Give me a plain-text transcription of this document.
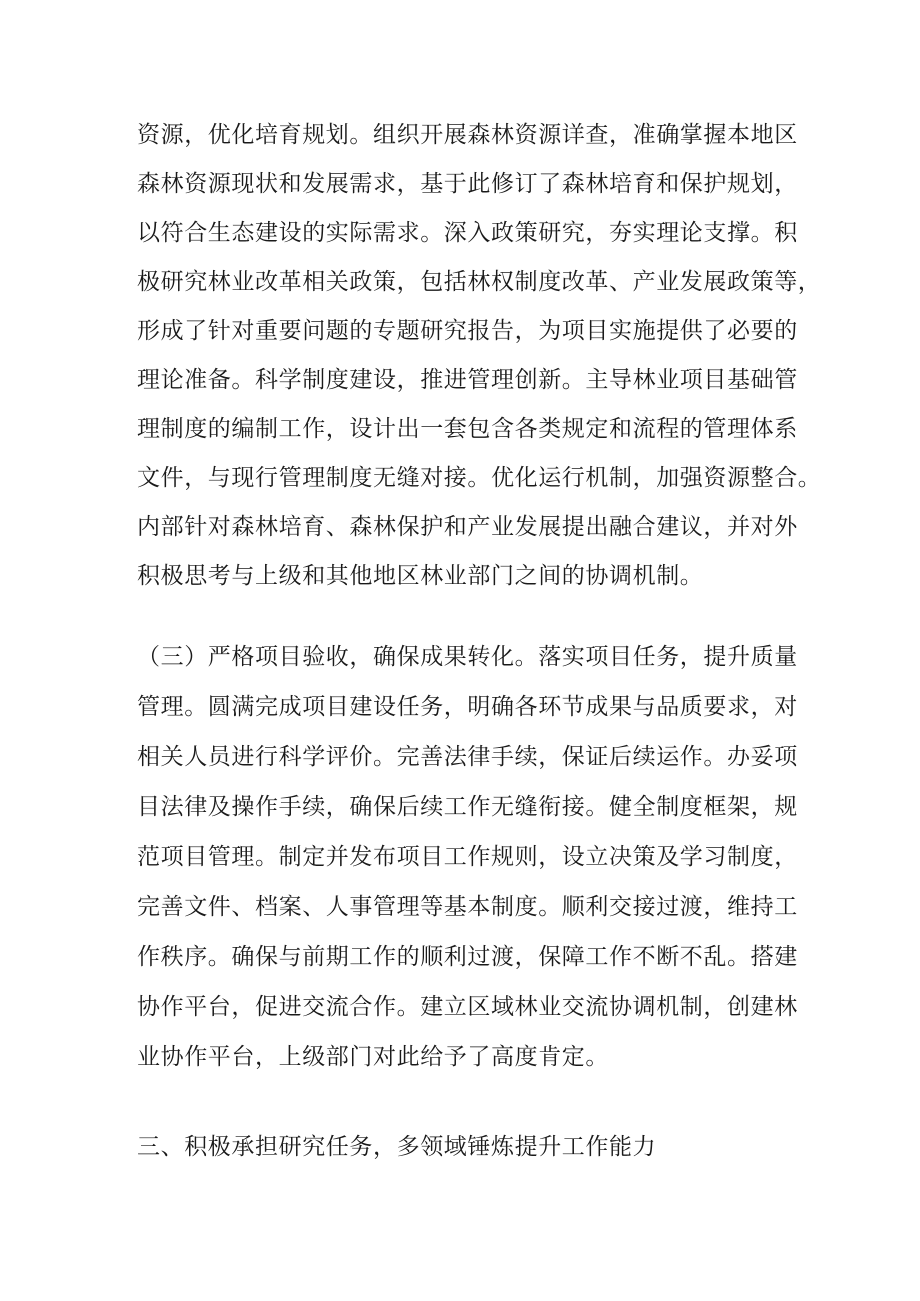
资源，优化培育规划。组织开展森林资源详查，准确掌握本地区
森林资源现状和发展需求，基于此修订了森林培育和保护规划，
以符合生态建设的实际需求。深入政策研究，夯实理论支撑。积
极研究林业改革相关政策，包括林权制度改革、产业发展政策等，
形成了针对重要问题的专题研究报告，为项目实施提供了必要的
理论准备。科学制度建设，推进管理创新。主导林业项目基础管
理制度的编制工作，设计出一套包含各类规定和流程的管理体系
文件，与现行管理制度无缝对接。优化运行机制，加强资源整合。
内部针对森林培育、森林保护和产业发展提出融合建议，并对外
积极思考与上级和其他地区林业部门之间的协调机制。
（三）严格项目验收，确保成果转化。落实项目任务，提升质量
管理。圆满完成项目建设任务，明确各环节成果与品质要求，对
相关人员进行科学评价。完善法律手续，保证后续运作。办妥项
目法律及操作手续，确保后续工作无缝衔接。健全制度框架，规
范项目管理。制定并发布项目工作规则，设立决策及学习制度，
完善文件、档案、人事管理等基本制度。顺利交接过渡，维持工
作秩序。确保与前期工作的顺利过渡，保障工作不断不乱。搭建
协作平台，促进交流合作。建立区域林业交流协调机制，创建林
业协作平台，上级部门对此给予了高度肯定。
三、积极承担研究任务，多领域锤炼提升工作能力
